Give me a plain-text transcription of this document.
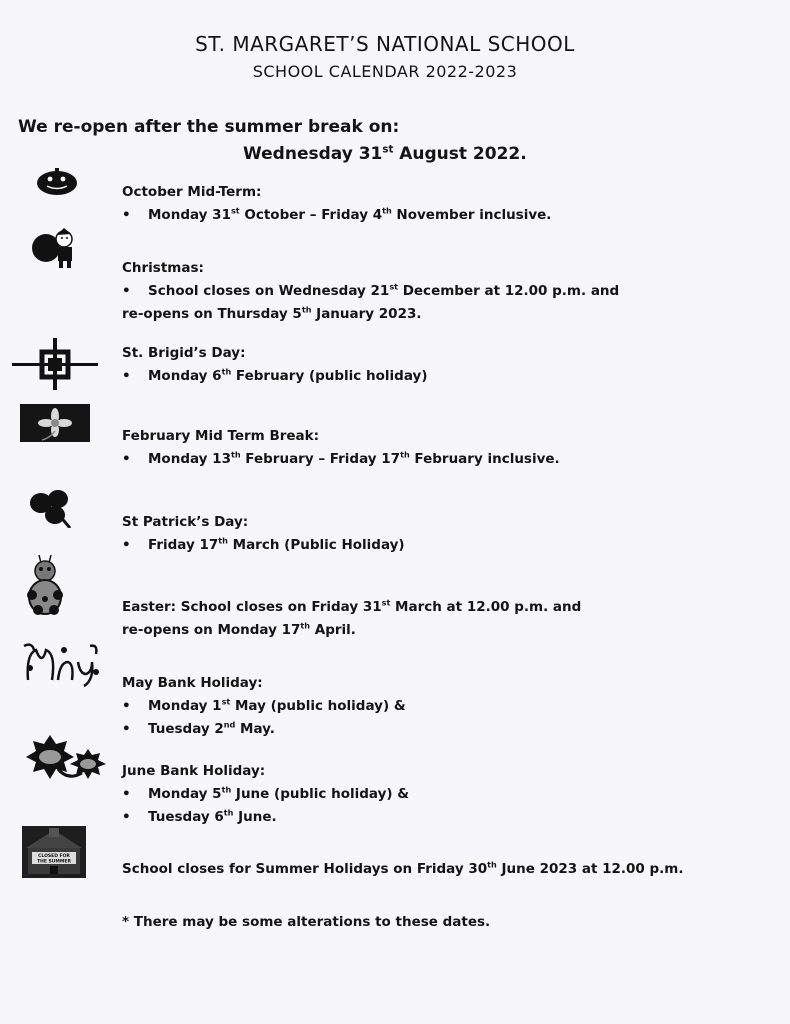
ST. MARGARET’S NATIONAL SCHOOL
SCHOOL CALENDAR 2022-2023
We re-open after the summer break on:
Wednesday 31st August 2022.
CLOSED FOR
THE SUMMER
October Mid-Term:
• Monday 31st October – Friday 4th November inclusive.
Christmas:
• School closes on Wednesday 21st December at 12.00 p.m. and
re-opens on Thursday 5th January 2023.
St. Brigid’s Day:
• Monday 6th February (public holiday)
February Mid Term Break:
• Monday 13th February – Friday 17th February inclusive.
St Patrick’s Day:
• Friday 17th March (Public Holiday)
Easter: School closes on Friday 31st March at 12.00 p.m. and
re-opens on Monday 17th April.
May Bank Holiday:
• Monday 1st May (public holiday) &
• Tuesday 2nd May.
June Bank Holiday:
• Monday 5th June (public holiday) &
• Tuesday 6th June.
School closes for Summer Holidays on Friday 30th June 2023 at 12.00 p.m.
* There may be some alterations to these dates.
